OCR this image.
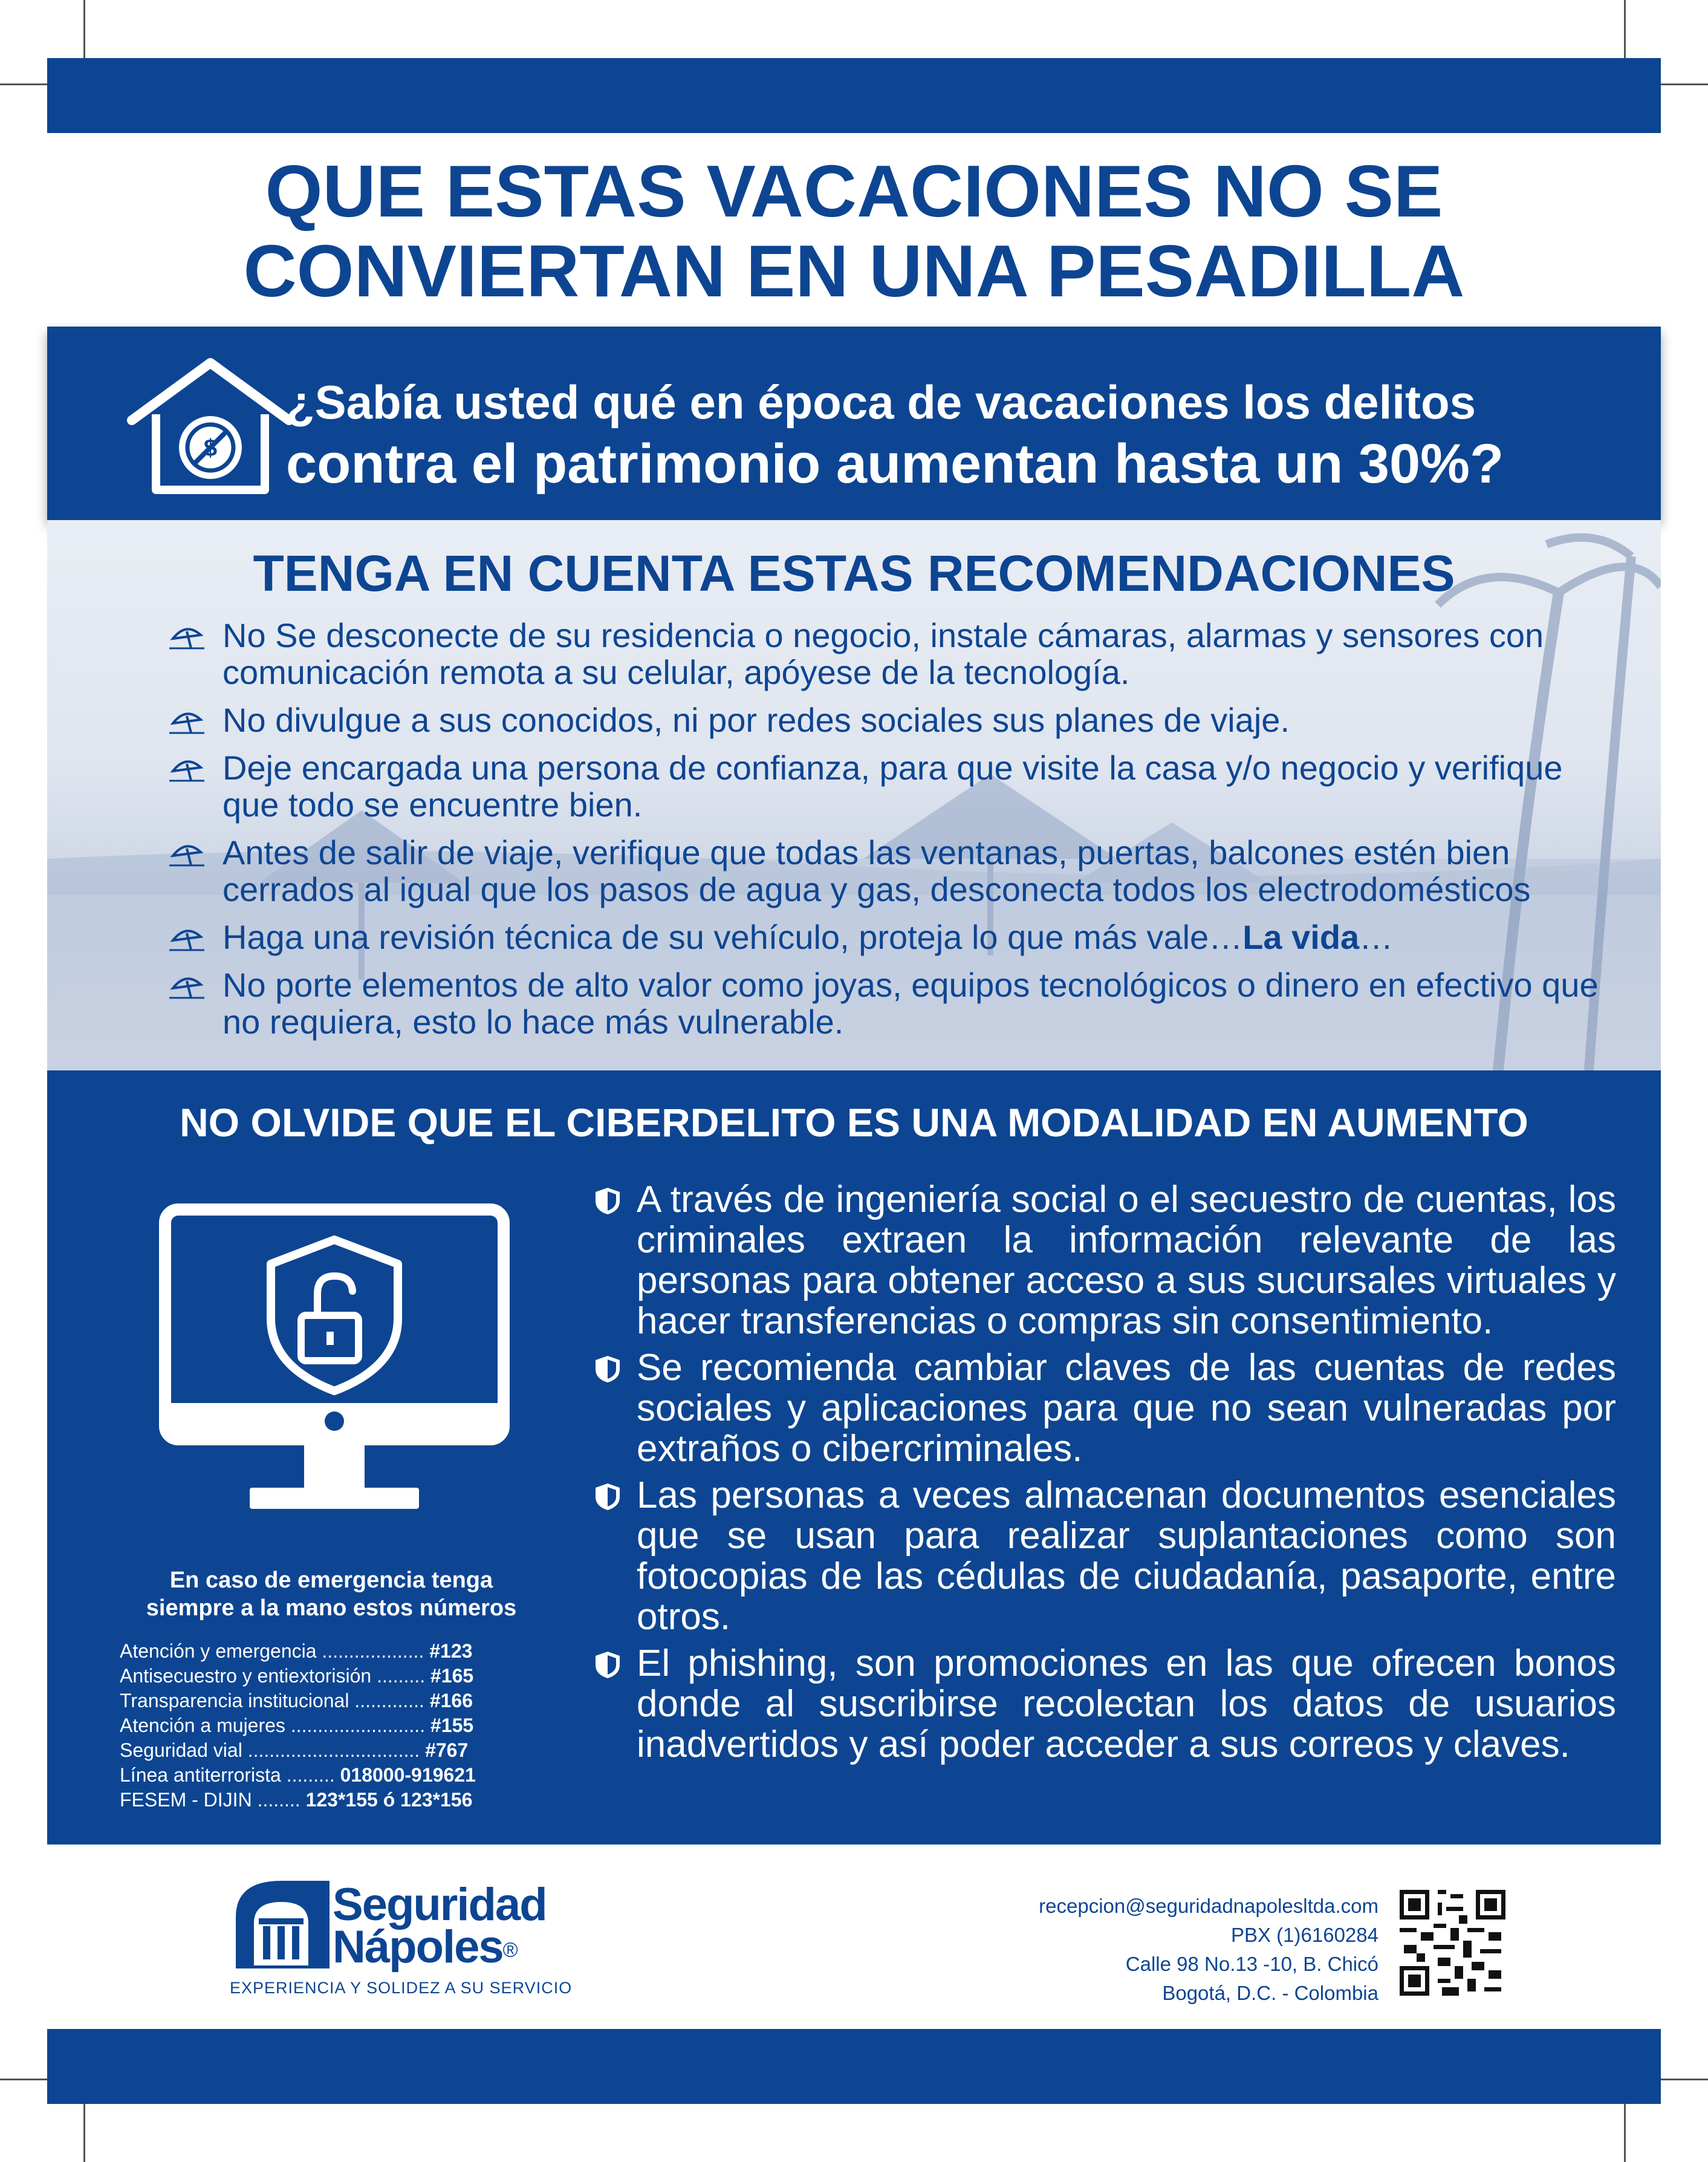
QUE ESTAS VACACIONES NO SE
CONVIERTAN EN UNA PESADILLA
$
¿Sabía usted qué en época de vacaciones los delitos
contra el patrimonio aumentan hasta un 30%?
TENGA EN CUENTA ESTAS RECOMENDACIONES
No Se desconecte de su residencia o negocio, instale cámaras, alarmas y sensores con comunicación remota a su celular, apóyese de la tecnología.
No divulgue a sus conocidos, ni por redes sociales sus planes de viaje.
Deje encargada una persona de confianza, para que visite la casa y/o negocio y verifique que todo se encuentre bien.
Antes de salir de viaje, verifique que todas las ventanas, puertas, balcones estén bien cerrados al igual que los pasos de agua y gas, desconecta todos los electrodomésticos
Haga una revisión técnica de su vehículo, proteja lo que más vale…La vida…
No porte elementos de alto valor como joyas, equipos tecnológicos o dinero en efectivo que no requiera, esto lo hace más vulnerable.
NO OLVIDE QUE EL CIBERDELITO ES UNA MODALIDAD EN AUMENTO
En caso de emergencia tenga
siempre a la mano estos números
Atención y emergencia ................... #123
Antisecuestro y entiextorisión ......... #165
Transparencia institucional ............. #166
Atención a mujeres ......................... #155
Seguridad vial ................................ #767
Línea antiterrorista ......... 018000-919621
FESEM - DIJIN ........ 123*155 ó 123*156
A través de ingeniería social o el secuestro de cuentas, los criminales extraen la información relevante de las personas para obtener acceso a sus sucursales virtuales y hacer transferencias o compras sin consentimiento.
Se recomienda cambiar claves de las cuentas de redes sociales y aplicaciones para que no sean vulneradas por extraños o cibercriminales.
Las personas a veces almacenan documentos esenciales que se usan para realizar suplantaciones como son fotocopias de las cédulas de ciudadanía, pasaporte, entre otros.
El phishing, son promociones en las que ofrecen bonos donde al suscribirse recolectan los datos de usuarios inadvertidos y así poder acceder a sus correos y claves.
Seguridad
Nápoles®
EXPERIENCIA Y SOLIDEZ A SU SERVICIO
recepcion@seguridadnapolesltda.com
PBX (1)6160284
Calle 98 No.13 -10, B. Chicó
Bogotá, D.C. - Colombia
